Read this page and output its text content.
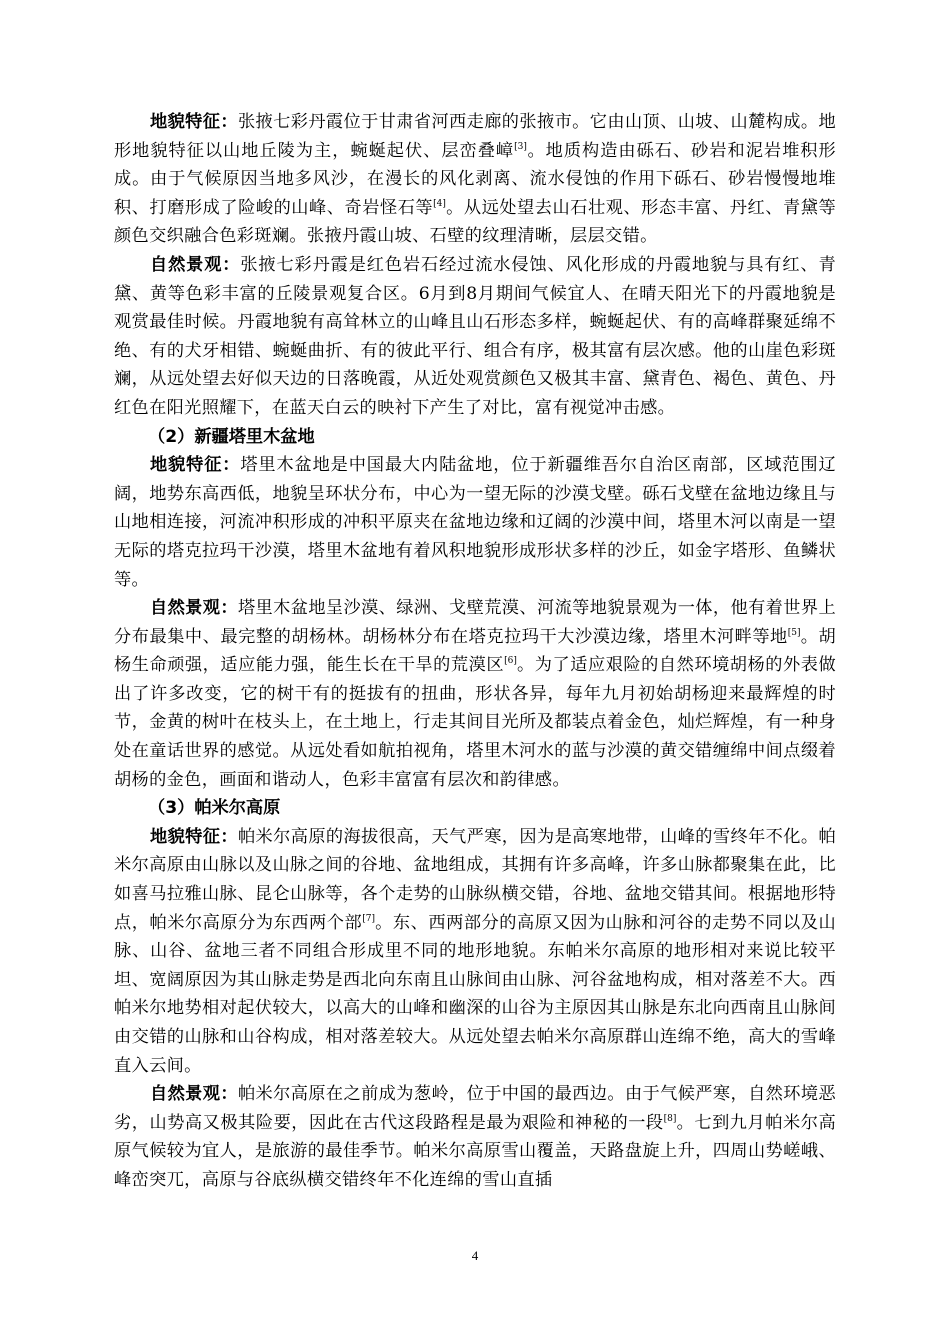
地貌特征：张掖七彩丹霞位于甘肃省河西走廊的张掖市。它由山顶、山坡、山麓构成。地形地貌特征以山地丘陵为主，蜿蜒起伏、层峦叠嶂[3]。地质构造由砾石、砂岩和泥岩堆积形成。由于气候原因当地多风沙，在漫长的风化剥离、流水侵蚀的作用下砾石、砂岩慢慢地堆积、打磨形成了险峻的山峰、奇岩怪石等[4]。从远处望去山石壮观、形态丰富、丹红、青黛等颜色交织融合色彩斑斓。张掖丹霞山坡、石壁的纹理清晰，层层交错。

自然景观：张掖七彩丹霞是红色岩石经过流水侵蚀、风化形成的丹霞地貌与具有红、青黛、黄等色彩丰富的丘陵景观复合区。6月到8月期间气候宜人、在晴天阳光下的丹霞地貌是观赏最佳时候。丹霞地貌有高耸林立的山峰且山石形态多样，蜿蜒起伏、有的高峰群聚延绵不绝、有的犬牙相错、蜿蜒曲折、有的彼此平行、组合有序，极其富有层次感。他的山崖色彩斑斓，从远处望去好似天边的日落晚霞，从近处观赏颜色又极其丰富、黛青色、褐色、黄色、丹红色在阳光照耀下，在蓝天白云的映衬下产生了对比，富有视觉冲击感。

（2）新疆塔里木盆地

地貌特征：塔里木盆地是中国最大内陆盆地，位于新疆维吾尔自治区南部，区域范围辽阔，地势东高西低，地貌呈环状分布，中心为一望无际的沙漠戈壁。砾石戈壁在盆地边缘且与山地相连接，河流冲积形成的冲积平原夹在盆地边缘和辽阔的沙漠中间，塔里木河以南是一望无际的塔克拉玛干沙漠，塔里木盆地有着风积地貌形成形状多样的沙丘，如金字塔形、鱼鳞状等。

自然景观：塔里木盆地呈沙漠、绿洲、戈壁荒漠、河流等地貌景观为一体，他有着世界上分布最集中、最完整的胡杨林。胡杨林分布在塔克拉玛干大沙漠边缘，塔里木河畔等地[5]。胡杨生命顽强，适应能力强，能生长在干旱的荒漠区[6]。为了适应艰险的自然环境胡杨的外表做出了许多改变，它的树干有的挺拔有的扭曲，形状各异，每年九月初始胡杨迎来最辉煌的时节，金黄的树叶在枝头上，在土地上，行走其间目光所及都装点着金色，灿烂辉煌，有一种身处在童话世界的感觉。从远处看如航拍视角，塔里木河水的蓝与沙漠的黄交错缠绵中间点缀着胡杨的金色，画面和谐动人，色彩丰富富有层次和韵律感。

（3）帕米尔高原

地貌特征：帕米尔高原的海拔很高，天气严寒，因为是高寒地带，山峰的雪终年不化。帕米尔高原由山脉以及山脉之间的谷地、盆地组成，其拥有许多高峰，许多山脉都聚集在此，比如喜马拉雅山脉、昆仑山脉等，各个走势的山脉纵横交错，谷地、盆地交错其间。根据地形特点，帕米尔高原分为东西两个部[7]。东、西两部分的高原又因为山脉和河谷的走势不同以及山脉、山谷、盆地三者不同组合形成里不同的地形地貌。东帕米尔高原的地形相对来说比较平坦、宽阔原因为其山脉走势是西北向东南且山脉间由山脉、河谷盆地构成，相对落差不大。西帕米尔地势相对起伏较大，以高大的山峰和幽深的山谷为主原因其山脉是东北向西南且山脉间由交错的山脉和山谷构成，相对落差较大。从远处望去帕米尔高原群山连绵不绝，高大的雪峰直入云间。

自然景观：帕米尔高原在之前成为葱岭，位于中国的最西边。由于气候严寒，自然环境恶劣，山势高又极其险要，因此在古代这段路程是最为艰险和神秘的一段[8]。七到九月帕米尔高原气候较为宜人，是旅游的最佳季节。帕米尔高原雪山覆盖，天路盘旋上升，四周山势嵯峨、峰峦突兀，高原与谷底纵横交错终年不化连绵的雪山直插

4
